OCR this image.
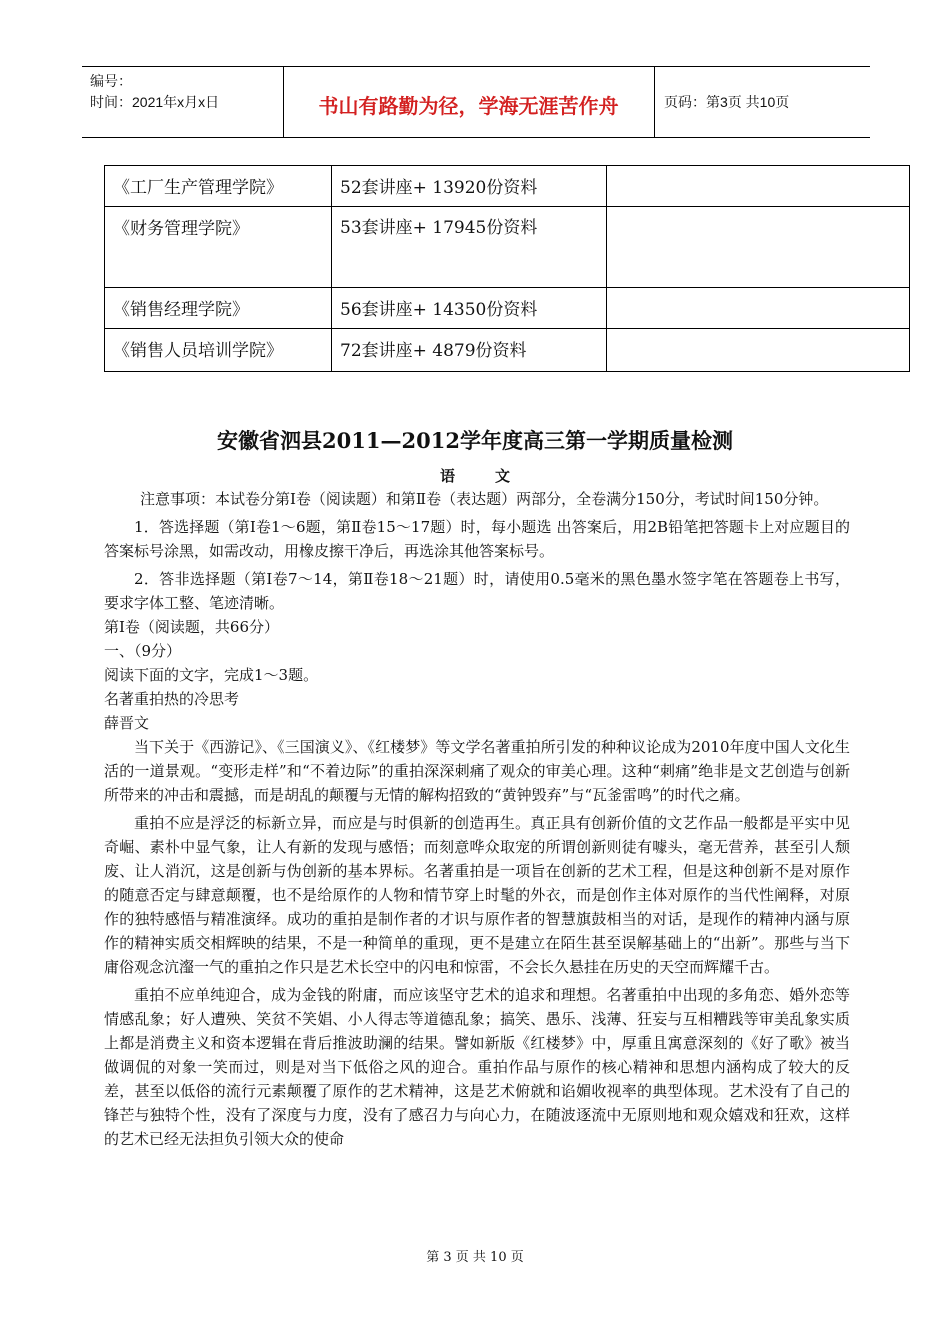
编号：
时间：2021年x月x日	书山有路勤为径，学海无涯苦作舟	页码：第3页 共10页
《工厂生产管理学院》	52套讲座+ 13920份资料	
《财务管理学院》	53套讲座+ 17945份资料	
《销售经理学院》	56套讲座+ 14350份资料	
《销售人员培训学院》	72套讲座+ 4879份资料	
安徽省泗县2011—2012学年度高三第一学期质量检测
语文

注意事项：本试卷分第Ⅰ卷（阅读题）和第Ⅱ卷（表达题）两部分，全卷满分150分，考试时间150分钟。

1．答选择题（第Ⅰ卷1～6题，第Ⅱ卷15～17题）时，每小题选 出答案后，用2B铅笔把答题卡上对应题目的答案标号涂黑，如需改动，用橡皮擦干净后，再选涂其他答案标号。

2．答非选择题（第Ⅰ卷7～14，第Ⅱ卷18～21题）时，请使用0.5毫米的黑色墨水签字笔在答题卷上书写，要求字体工整、笔迹清晰。

第Ⅰ卷（阅读题，共66分）

一、（9分）

阅读下面的文字，完成1～3题。

名著重拍热的冷思考

薛晋文

当下关于《西游记》、《三国演义》、《红楼梦》等文学名著重拍所引发的种种议论成为2010年度中国人文化生活的一道景观。“变形走样”和“不着边际”的重拍深深刺痛了观众的审美心理。这种“刺痛”绝非是文艺创造与创新所带来的冲击和震撼，而是胡乱的颠覆与无情的解构招致的“黄钟毁弃”与“瓦釜雷鸣”的时代之痛。

重拍不应是浮泛的标新立异，而应是与时俱新的创造再生。真正具有创新价值的文艺作品一般都是平实中见奇崛、素朴中显气象，让人有新的发现与感悟；而刻意哗众取宠的所谓创新则徒有噱头，毫无营养，甚至引人颓废、让人消沉，这是创新与伪创新的基本界标。名著重拍是一项旨在创新的艺术工程，但是这种创新不是对原作的随意否定与肆意颠覆，也不是给原作的人物和情节穿上时髦的外衣，而是创作主体对原作的当代性阐释，对原作的独特感悟与精准演绎。成功的重拍是制作者的才识与原作者的智慧旗鼓相当的对话，是现作的精神内涵与原作的精神实质交相辉映的结果，不是一种简单的重现，更不是建立在陌生甚至误解基础上的“出新”。那些与当下庸俗观念沆瀣一气的重拍之作只是艺术长空中的闪电和惊雷，不会长久悬挂在历史的天空而辉耀千古。

重拍不应单纯迎合，成为金钱的附庸，而应该坚守艺术的追求和理想。名著重拍中出现的多角恋、婚外恋等情感乱象；好人遭殃、笑贫不笑娼、小人得志等道德乱象；搞笑、愚乐、浅薄、狂妄与互相糟践等审美乱象实质上都是消费主义和资本逻辑在背后推波助澜的结果。譬如新版《红楼梦》中，厚重且寓意深刻的《好了歌》被当做调侃的对象一笑而过，则是对当下低俗之风的迎合。重拍作品与原作的核心精神和思想内涵构成了较大的反差，甚至以低俗的流行元素颠覆了原作的艺术精神，这是艺术俯就和谄媚收视率的典型体现。艺术没有了自己的锋芒与独特个性，没有了深度与力度，没有了感召力与向心力，在随波逐流中无原则地和观众嬉戏和狂欢，这样的艺术已经无法担负引领大众的使命

第 3 页 共 10 页
